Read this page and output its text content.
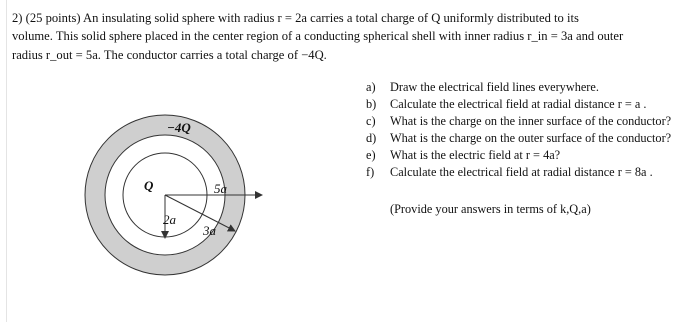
2) (25 points) An insulating solid sphere with radius r = 2a carries a total charge of Q uniformly distributed to its
volume. This solid sphere placed in the center region of a conducting spherical shell with inner radius r_in = 3a and outer
radius r_out = 5a. The conductor carries a total charge of −4Q.
a)	Draw the electrical field lines everywhere.
b)	Calculate the electrical field at radial distance r = a .
c)	What is the charge on the inner surface of the conductor?
d)	What is the charge on the outer surface of the conductor?
e)	What is the electric field at r = 4a?
f)	Calculate the electrical field at radial distance r = 8a .
(Provide your answers in terms of k,Q,a)
−4Q
Q	5a
3a
2a
